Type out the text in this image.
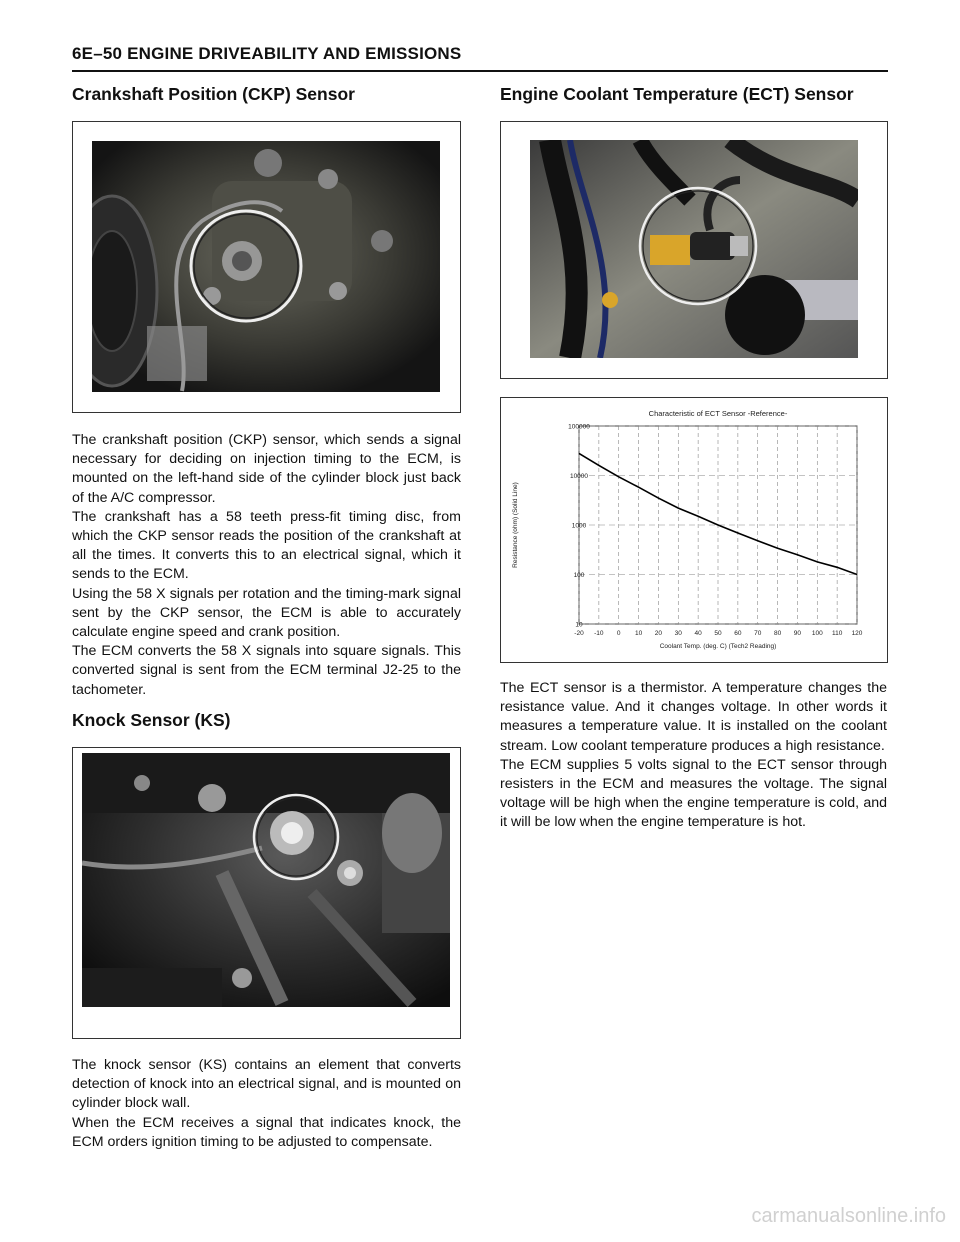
6E–50 ENGINE DRIVEABILITY AND EMISSIONS
Crankshaft Position (CKP) Sensor

The crankshaft position (CKP) sensor, which sends a signal necessary for deciding on injection timing to the ECM, is mounted on the left-hand side of the cylinder block just back of the A/C compressor.

The crankshaft has a 58 teeth press-fit timing disc, from which the CKP sensor reads the position of the crankshaft at all the times. It converts this to an electrical signal, which it sends to the ECM.

Using the 58 X signals per rotation and the timing-mark signal sent by the CKP sensor, the ECM is able to accurately calculate engine speed and crank position.

The ECM converts the 58 X signals into square signals. This converted signal is sent from the ECM terminal J2-25 to the tachometer.

Knock Sensor (KS)

The knock sensor (KS) contains an element that converts detection of knock into an electrical signal, and is mounted on cylinder block wall.

When the ECM receives a signal that indicates knock, the ECM orders ignition timing to be adjusted to compensate.

Engine Coolant Temperature (ECT) Sensor
Characteristic of ECT Sensor -Reference-
-20 -10 0 10 20 30 40 50 60 70 80 90 100 110 120
10
100
1000
10000
100000
Coolant Temp. (deg. C) (Tech2 Reading)
Resistance (ohm) (Solid Line)

The ECT sensor is a thermistor. A temperature changes the resistance value. And it changes voltage. In other words it measures a temperature value. It is installed on the coolant stream. Low coolant temperature produces a high resistance.

The ECM supplies 5 volts signal to the ECT sensor through resisters in the ECM and measures the voltage. The signal voltage will be high when the engine temperature is cold, and it will be low when the engine temperature is hot.

carmanualsonline.info
